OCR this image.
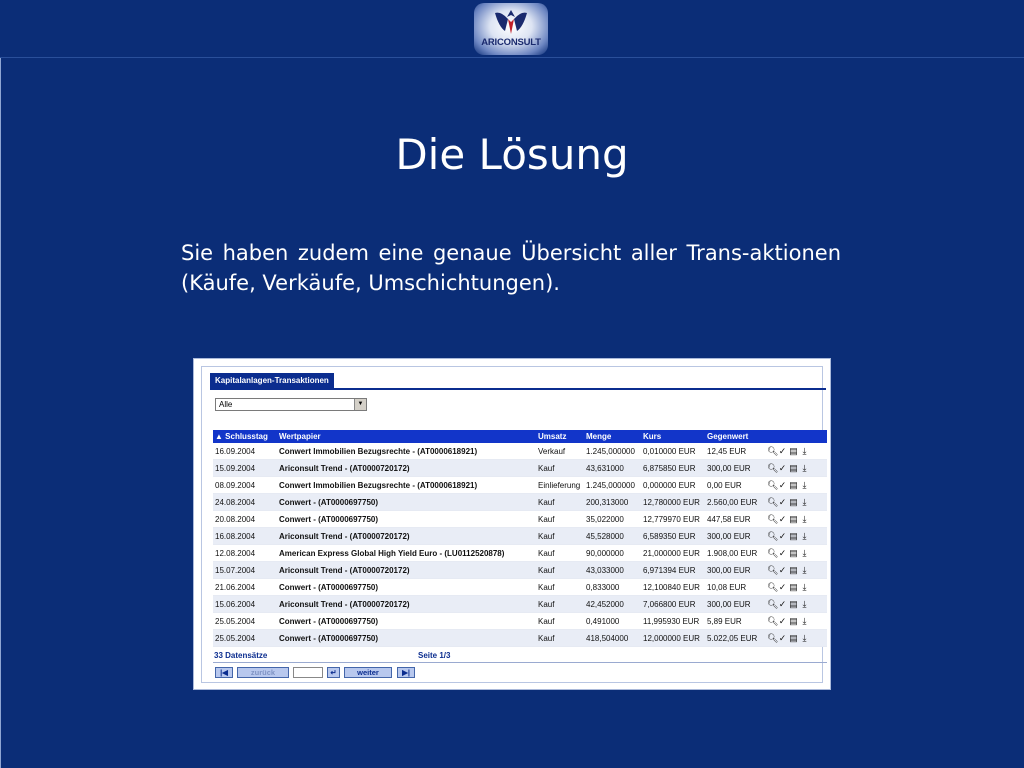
ARICONSULT
Die Lösung
Sie haben zudem eine genaue Übersicht aller Trans-aktionen (Käufe, Verkäufe, Umschichtungen).
Kapitalanlagen-Transaktionen
Alle	▼
▲ Schlusstag	Wertpapier	Umsatz	Menge	Kurs	Gegenwert	
16.09.2004	Conwert Immobilien Bezugsrechte - (AT0000618921)	Verkauf	1.245,000000	0,010000 EUR	12,45 EUR	🔍︎✓▤ ⤓
15.09.2004	Ariconsult Trend - (AT0000720172)	Kauf	43,631000	6,875850 EUR	300,00 EUR	🔍︎✓▤ ⤓
08.09.2004	Conwert Immobilien Bezugsrechte - (AT0000618921)	Einlieferung	1.245,000000	0,000000 EUR	0,00 EUR	🔍︎✓▤ ⤓
24.08.2004	Conwert - (AT0000697750)	Kauf	200,313000	12,780000 EUR	2.560,00 EUR	🔍︎✓▤ ⤓
20.08.2004	Conwert - (AT0000697750)	Kauf	35,022000	12,779970 EUR	447,58 EUR	🔍︎✓▤ ⤓
16.08.2004	Ariconsult Trend - (AT0000720172)	Kauf	45,528000	6,589350 EUR	300,00 EUR	🔍︎✓▤ ⤓
12.08.2004	American Express Global High Yield Euro - (LU0112520878)	Kauf	90,000000	21,000000 EUR	1.908,00 EUR	🔍︎✓▤ ⤓
15.07.2004	Ariconsult Trend - (AT0000720172)	Kauf	43,033000	6,971394 EUR	300,00 EUR	🔍︎✓▤ ⤓
21.06.2004	Conwert - (AT0000697750)	Kauf	0,833000	12,100840 EUR	10,08 EUR	🔍︎✓▤ ⤓
15.06.2004	Ariconsult Trend - (AT0000720172)	Kauf	42,452000	7,066800 EUR	300,00 EUR	🔍︎✓▤ ⤓
25.05.2004	Conwert - (AT0000697750)	Kauf	0,491000	11,995930 EUR	5,89 EUR	🔍︎✓▤ ⤓
25.05.2004	Conwert - (AT0000697750)	Kauf	418,504000	12,000000 EUR	5.022,05 EUR	🔍︎✓▤ ⤓
33 Datensätze	Seite 1/3
|◀	zurück	↵	weiter	▶|
